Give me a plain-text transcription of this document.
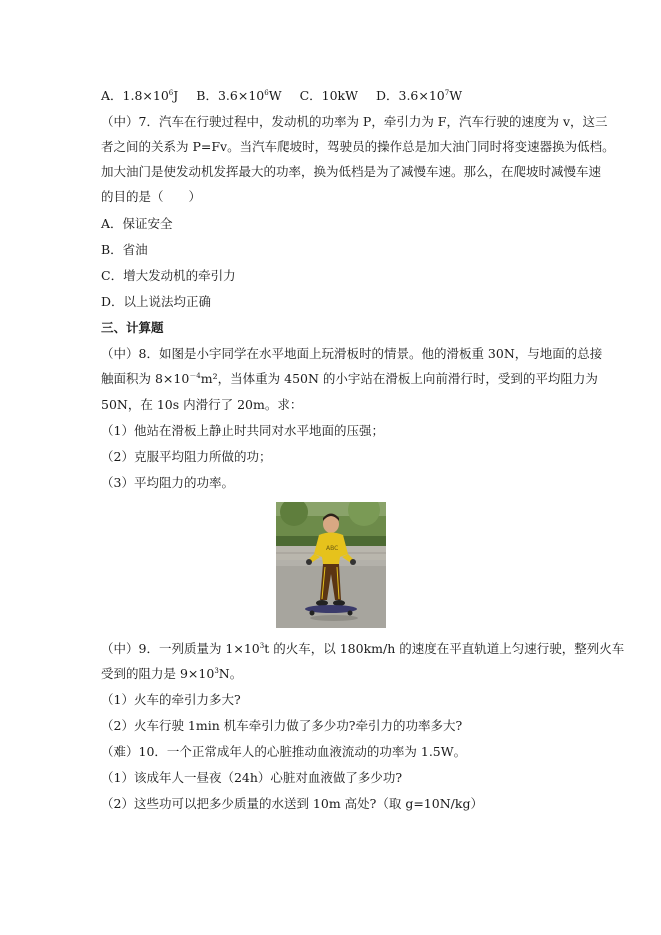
A．$1.8\times 10^6J$ B．$3.6\times 10^6W$ C．10kW D．$3.6\times 10^7W$
（中）7．汽车在行驶过程中，发动机的功率为 P，牵引力为 F，汽车行驶的速度为 v，这三
者之间的关系为 P=Fv。当汽车爬坡时，驾驶员的操作总是加大油门同时将变速器换为低档。
加大油门是使发动机发挥最大的功率，换为低档是为了减慢车速。那么，在爬坡时减慢车速
的目的是（　　）
A．保证安全
B．省油
C．增大发动机的牵引力
D．以上说法均正确
三、计算题
（中）8．如图是小宇同学在水平地面上玩滑板时的情景。他的滑板重 30N，与地面的总接
触面积为 $8\times 10^{-4}m^2$，当体重为 450N 的小宇站在滑板上向前滑行时，受到的平均阻力为
50N，在 10s 内滑行了 20m。求：
（1）他站在滑板上静止时共同对水平地面的压强；
（2）克服平均阻力所做的功；
（3）平均阻力的功率。
ABC
（中）9．一列质量为 $1\times 10^3t$ 的火车，以 180km/h 的速度在平直轨道上匀速行驶，整列火车
受到的阻力是 $9\times 10^3N$。
（1）火车的牵引力多大?
（2）火车行驶 1min 机车牵引力做了多少功?牵引力的功率多大?
（难）10．一个正常成年人的心脏推动血液流动的功率为 1.5W。
（1）该成年人一昼夜（24h）心脏对血液做了多少功?
（2）这些功可以把多少质量的水送到 10m 高处?（取 g=10N/kg）
